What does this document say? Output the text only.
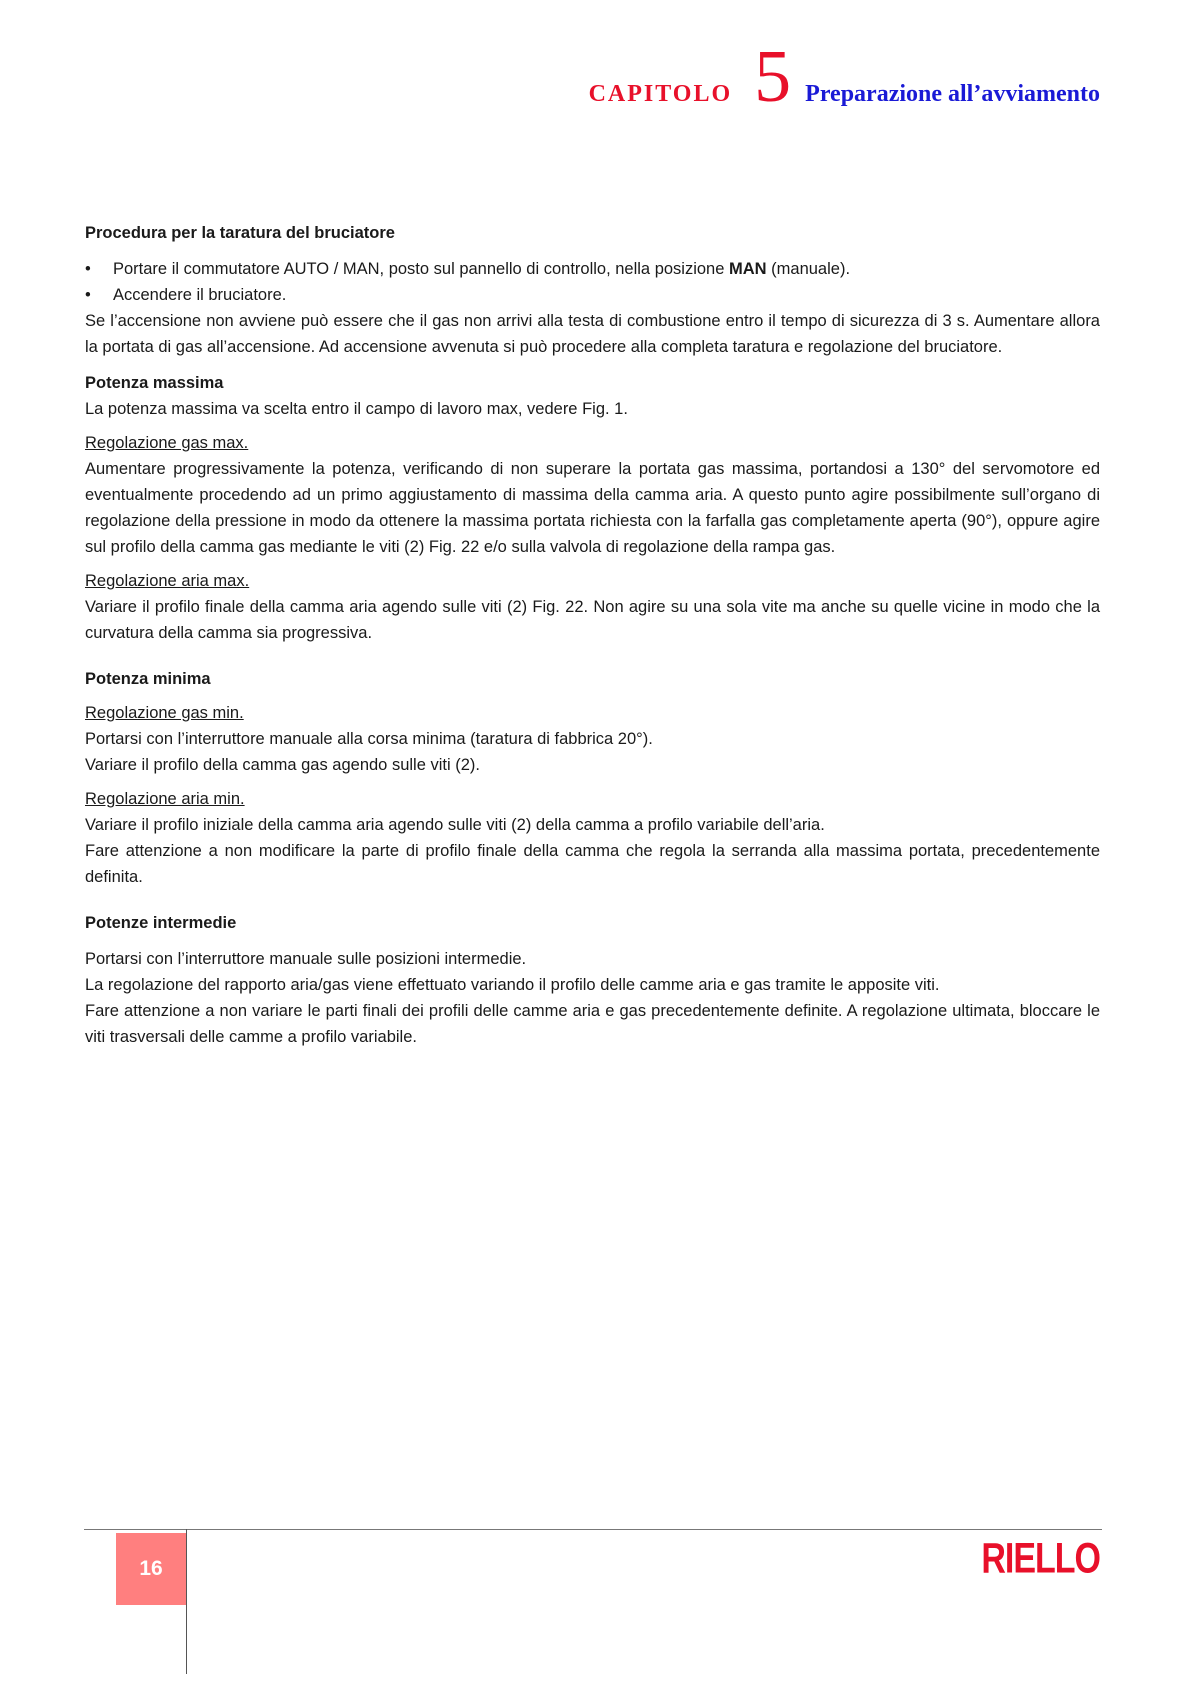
CAPITOLO 5 Preparazione all’avviamento

Procedura per la taratura del bruciatore

•	Portare il commutatore AUTO / MAN, posto sul pannello di controllo, nella posizione MAN (manuale).

•	Accendere il bruciatore.

Se l’accensione non avviene può essere che il gas non arrivi alla testa di combustione entro il tempo di sicurezza di 3 s. Aumentare allora la portata di gas all’accensione. Ad accensione avvenuta si può procedere alla completa taratura e regolazione del bruciatore.

Potenza massima

La potenza massima va scelta entro il campo di lavoro max, vedere Fig. 1.

Regolazione gas max.

Aumentare progressivamente la potenza, verificando di non superare la portata gas massima, portandosi a 130° del servomotore ed eventualmente procedendo ad un primo aggiustamento di massima della camma aria. A questo punto agire possibilmente sull’organo di regolazione della pressione in modo da ottenere la massima portata richiesta con la farfalla gas completamente aperta (90°), oppure agire sul profilo della camma gas mediante le viti (2) Fig. 22 e/o sulla valvola di regolazione della rampa gas.

Regolazione aria max.

Variare il profilo finale della camma aria agendo sulle viti (2) Fig. 22. Non agire su una sola vite ma anche su quelle vicine in modo che la curvatura della camma sia progressiva.

Potenza minima

Regolazione gas min.

Portarsi con l’interruttore manuale alla corsa minima (taratura di fabbrica 20°).

Variare il profilo della camma gas agendo sulle viti (2).

Regolazione aria min.

Variare il profilo iniziale della camma aria agendo sulle viti (2) della camma a profilo variabile dell’aria.

Fare attenzione a non modificare la parte di profilo finale della camma che regola la serranda alla massima portata, precedentemente definita.

Potenze intermedie

Portarsi con l’interruttore manuale sulle posizioni intermedie.

La regolazione del rapporto aria/gas viene effettuato variando il profilo delle camme aria e gas tramite le apposite viti.

Fare attenzione a non variare le parti finali dei profili delle camme aria e gas precedentemente definite. A regolazione ultimata, bloccare le viti trasversali delle camme a profilo variabile.

16	RIELLO
